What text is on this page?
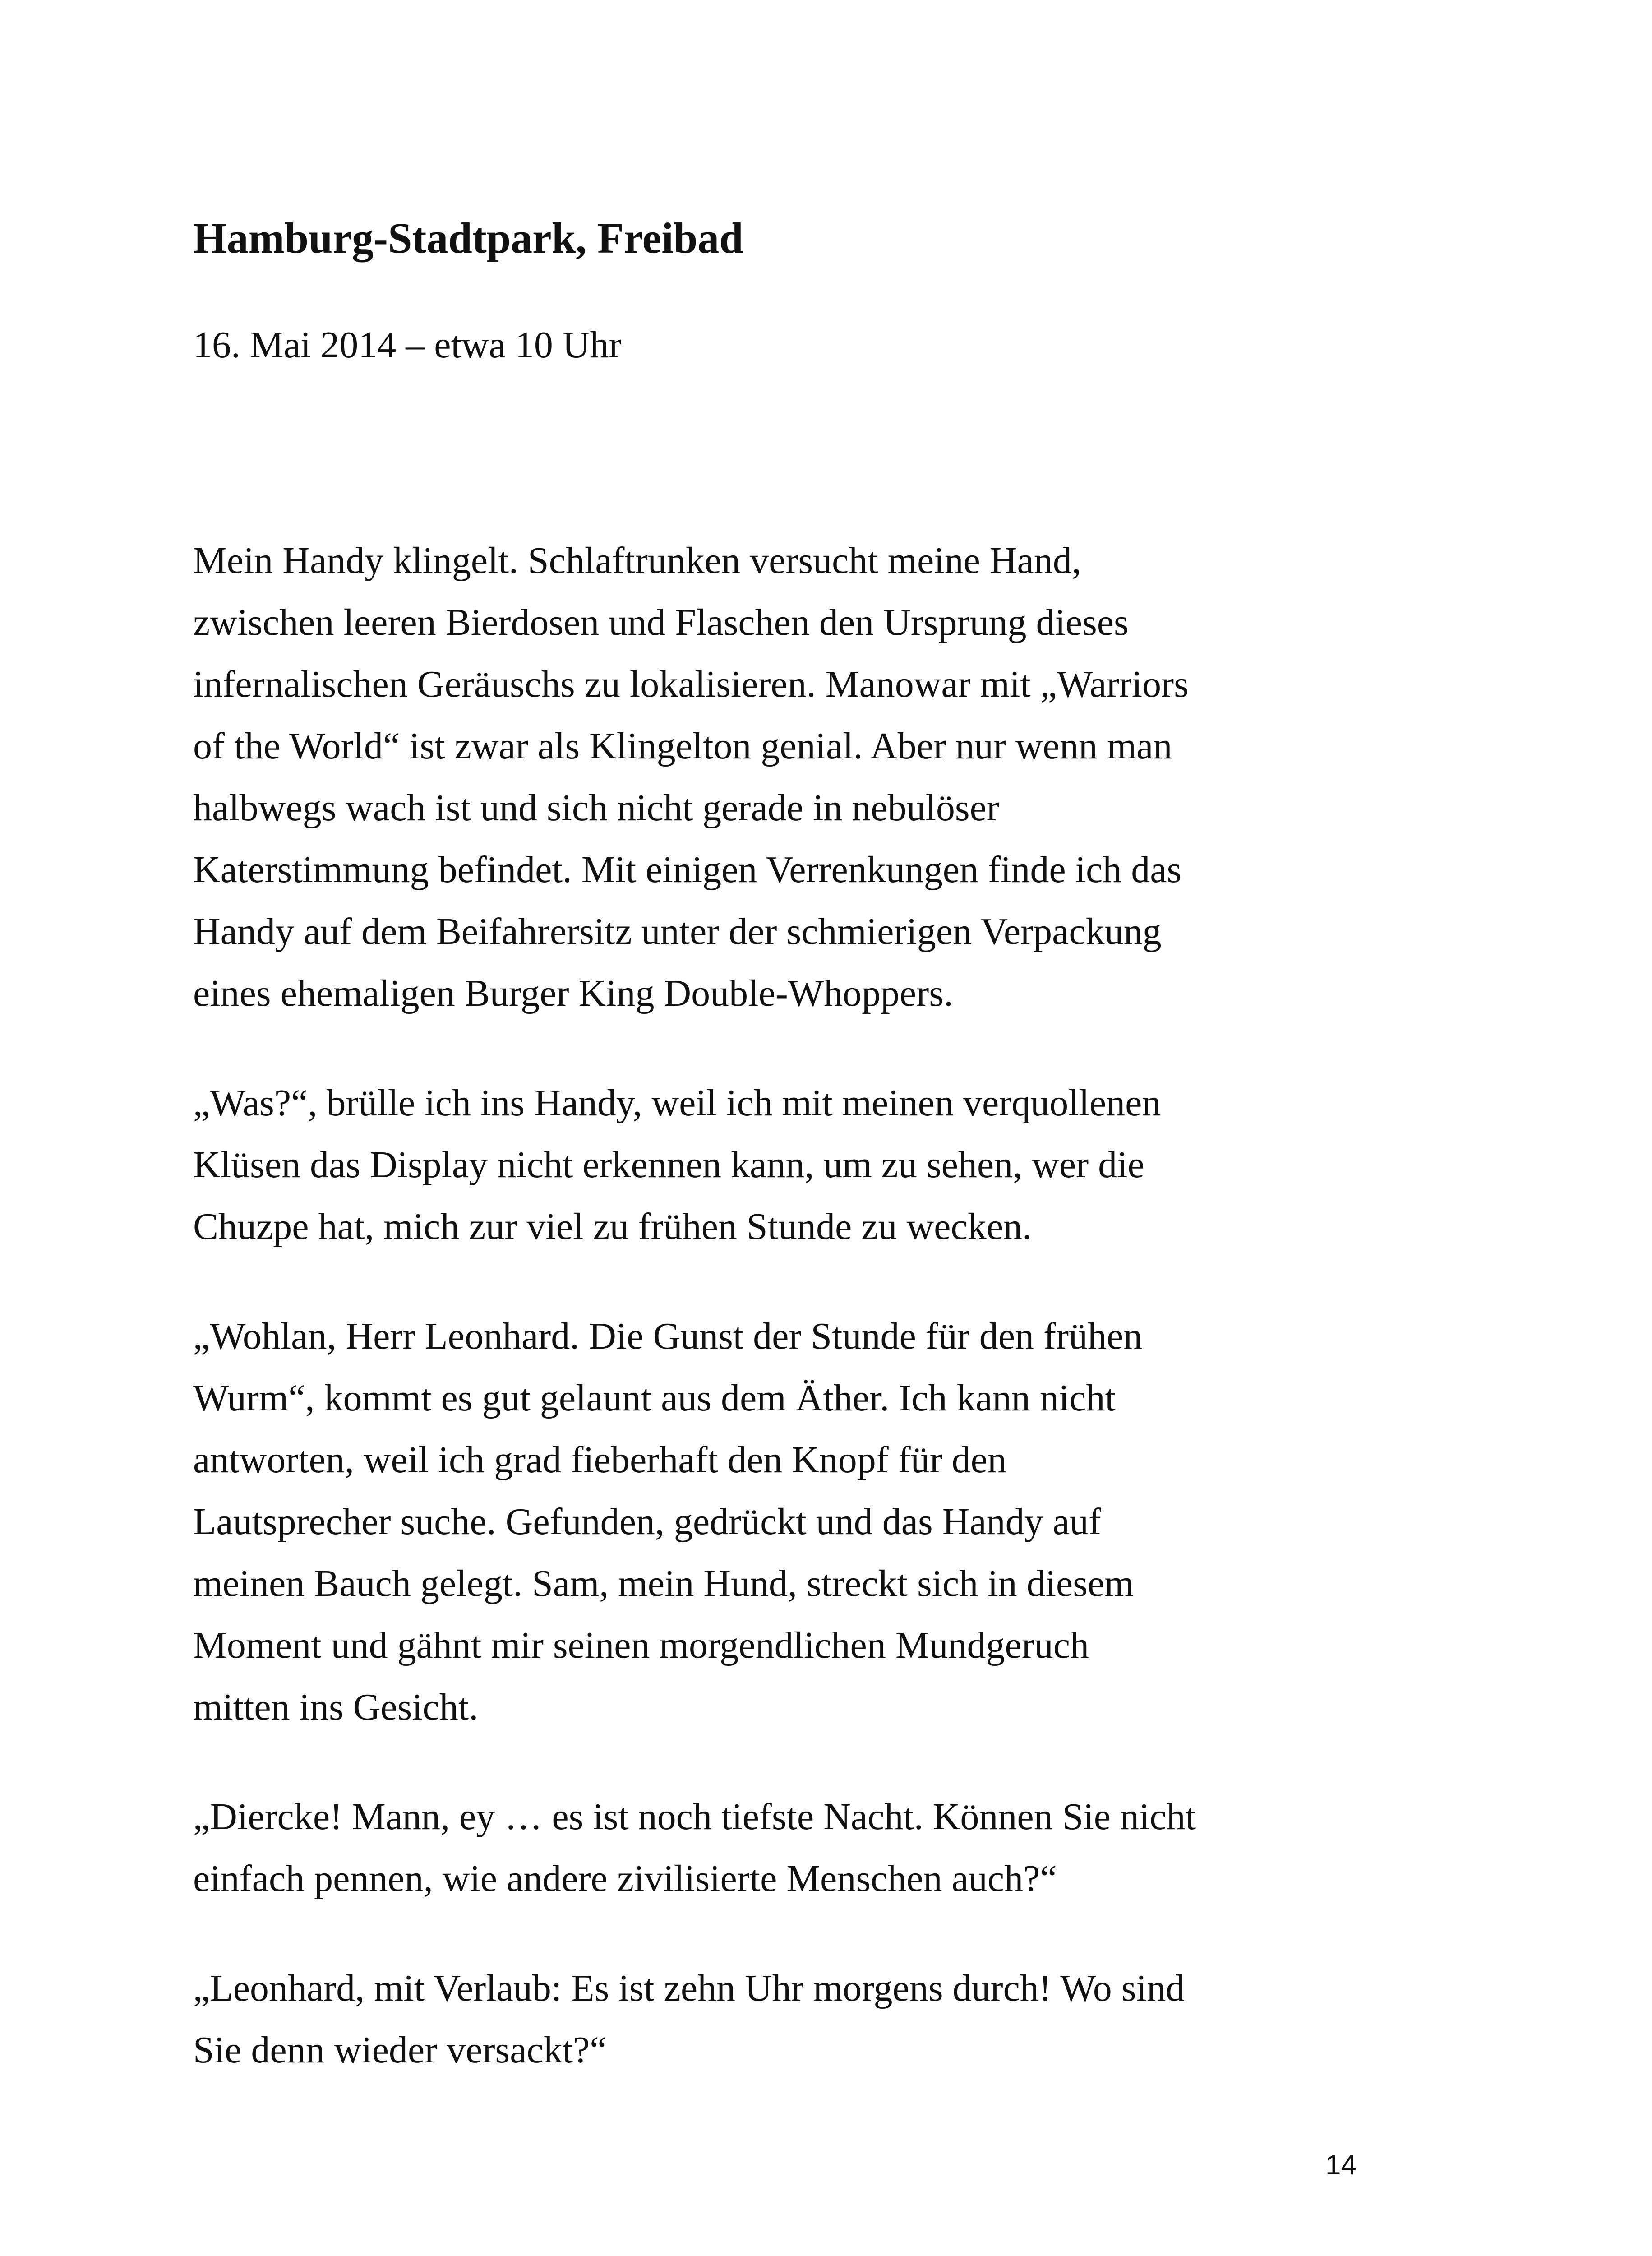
Hamburg-Stadtpark, Freibad

16. Mai 2014 – etwa 10 Uhr

Mein Handy klingelt. Schlaftrunken versucht meine Hand,
zwischen leeren Bierdosen und Flaschen den Ursprung dieses
infernalischen Geräuschs zu lokalisieren. Manowar mit „Warriors
of the World“ ist zwar als Klingelton genial. Aber nur wenn man
halbwegs wach ist und sich nicht gerade in nebulöser
Katerstimmung befindet. Mit einigen Verrenkungen finde ich das
Handy auf dem Beifahrersitz unter der schmierigen Verpackung
eines ehemaligen Burger King Double-Whoppers.

„Was?“, brülle ich ins Handy, weil ich mit meinen verquollenen
Klüsen das Display nicht erkennen kann, um zu sehen, wer die
Chuzpe hat, mich zur viel zu frühen Stunde zu wecken.

„Wohlan, Herr Leonhard. Die Gunst der Stunde für den frühen
Wurm“, kommt es gut gelaunt aus dem Äther. Ich kann nicht
antworten, weil ich grad fieberhaft den Knopf für den
Lautsprecher suche. Gefunden, gedrückt und das Handy auf
meinen Bauch gelegt. Sam, mein Hund, streckt sich in diesem
Moment und gähnt mir seinen morgendlichen Mundgeruch
mitten ins Gesicht.

„Diercke! Mann, ey … es ist noch tiefste Nacht. Können Sie nicht
einfach pennen, wie andere zivilisierte Menschen auch?“

„Leonhard, mit Verlaub: Es ist zehn Uhr morgens durch! Wo sind
Sie denn wieder versackt?“

14
